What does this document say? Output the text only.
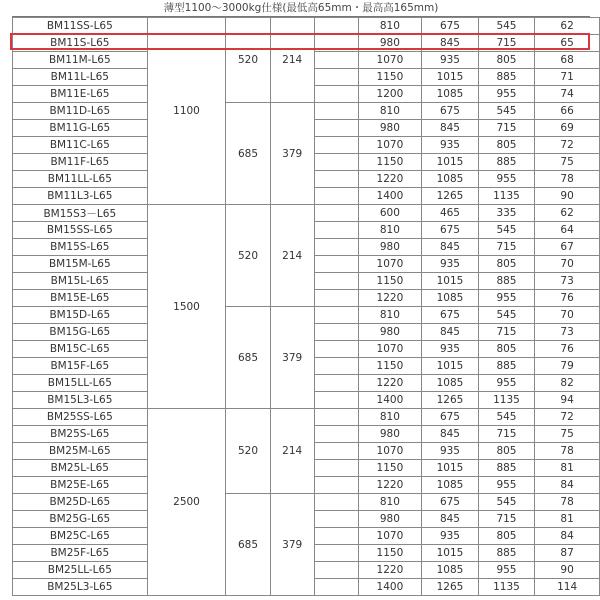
薄型1100～3000kg仕様(最低高65mm・最高高165mm)
BM11SS-L65	1100	520	214		810	675	545	62
BM11S-L65					980	845	715	65
BM11M-L65					1070	935	805	68
BM11L-L65					1150	1015	885	71
BM11E-L65					1200	1085	955	74
BM11D-L65		685	379		810	675	545	66
BM11G-L65					980	845	715	69
BM11C-L65					1070	935	805	72
BM11F-L65					1150	1015	885	75
BM11LL-L65					1220	1085	955	78
BM11L3-L65					1400	1265	1135	90
BM15S3－L65	1500	520	214		600	465	335	62
BM15SS-L65					810	675	545	64
BM15S-L65					980	845	715	67
BM15M-L65					1070	935	805	70
BM15L-L65					1150	1015	885	73
BM15E-L65					1220	1085	955	76
BM15D-L65		685	379		810	675	545	70
BM15G-L65					980	845	715	73
BM15C-L65					1070	935	805	76
BM15F-L65					1150	1015	885	79
BM15LL-L65					1220	1085	955	82
BM15L3-L65					1400	1265	1135	94
BM25SS-L65	2500	520	214		810	675	545	72
BM25S-L65					980	845	715	75
BM25M-L65					1070	935	805	78
BM25L-L65					1150	1015	885	81
BM25E-L65					1220	1085	955	84
BM25D-L65		685	379		810	675	545	78
BM25G-L65					980	845	715	81
BM25C-L65					1070	935	805	84
BM25F-L65					1150	1015	885	87
BM25LL-L65					1220	1085	955	90
BM25L3-L65					1400	1265	1135	114
